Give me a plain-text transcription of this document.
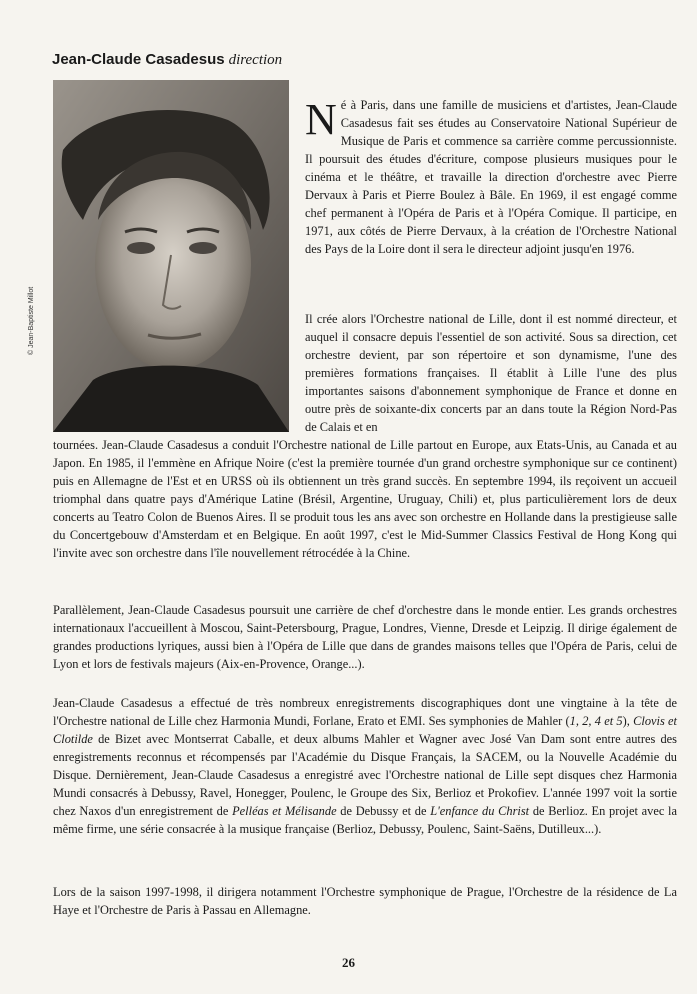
Jean-Claude Casadesus direction
© Jean-Baptiste Millot
Né à Paris, dans une famille de musiciens et d'artistes, Jean-Claude Casadesus fait ses études au Conservatoire National Supérieur de Musique de Paris et commence sa carrière comme percussionniste. Il poursuit des études d'écriture, compose plusieurs musiques pour le cinéma et le théâtre, et travaille la direction d'orchestre avec Pierre Dervaux à Paris et Pierre Boulez à Bâle. En 1969, il est engagé comme chef permanent à l'Opéra de Paris et à l'Opéra Comique. Il participe, en 1971, aux côtés de Pierre Dervaux, à la création de l'Orchestre National des Pays de la Loire dont il sera le directeur adjoint jusqu'en 1976.

Il crée alors l'Orchestre national de Lille, dont il est nommé directeur, et auquel il consacre depuis l'essentiel de son activité. Sous sa direction, cet orchestre devient, par son répertoire et son dynamisme, l'une des premières formations françaises. Il établit à Lille l'une des plus importantes saisons d'abonnement symphonique de France et donne en outre près de soixante-dix concerts par an dans toute la Région Nord-Pas de Calais et en

tournées. Jean-Claude Casadesus a conduit l'Orchestre national de Lille partout en Europe, aux Etats-Unis, au Canada et au Japon. En 1985, il l'emmène en Afrique Noire (c'est la première tournée d'un grand orchestre symphonique sur ce continent) puis en Allemagne de l'Est et en URSS où ils obtiennent un très grand succès. En septembre 1994, ils reçoivent un accueil triomphal dans quatre pays d'Amérique Latine (Brésil, Argentine, Uruguay, Chili) et, plus particulièrement lors de deux concerts au Teatro Colon de Buenos Aires. Il se produit tous les ans avec son orchestre en Hollande dans la prestigieuse salle du Concertgebouw d'Amsterdam et en Belgique. En août 1997, c'est le Mid-Summer Classics Festival de Hong Kong qui l'invite avec son orchestre dans l'île nouvellement rétrocédée à la Chine.

Parallèlement, Jean-Claude Casadesus poursuit une carrière de chef d'orchestre dans le monde entier. Les grands orchestres internationaux l'accueillent à Moscou, Saint-Petersbourg, Prague, Londres, Vienne, Dresde et Leipzig. Il dirige également de grandes productions lyriques, aussi bien à l'Opéra de Lille que dans de grandes maisons telles que l'Opéra de Paris, celui de Lyon et lors de festivals majeurs (Aix-en-Provence, Orange...).

Jean-Claude Casadesus a effectué de très nombreux enregistrements discographiques dont une vingtaine à la tête de l'Orchestre national de Lille chez Harmonia Mundi, Forlane, Erato et EMI. Ses symphonies de Mahler (1, 2, 4 et 5), Clovis et Clotilde de Bizet avec Montserrat Caballe, et deux albums Mahler et Wagner avec José Van Dam sont entre autres des enregistrements reconnus et récompensés par l'Académie du Disque Français, la SACEM, ou la Nouvelle Académie du Disque. Dernièrement, Jean-Claude Casadesus a enregistré avec l'Orchestre national de Lille sept disques chez Harmonia Mundi consacrés à Debussy, Ravel, Honegger, Poulenc, le Groupe des Six, Berlioz et Prokofiev. L'année 1997 voit la sortie chez Naxos d'un enregistrement de Pelléas et Mélisande de Debussy et de L'enfance du Christ de Berlioz. En projet avec la même firme, une série consacrée à la musique française (Berlioz, Debussy, Poulenc, Saint-Saëns, Dutilleux...).

Lors de la saison 1997-1998, il dirigera notamment l'Orchestre symphonique de Prague, l'Orchestre de la résidence de La Haye et l'Orchestre de Paris à Passau en Allemagne.

26
